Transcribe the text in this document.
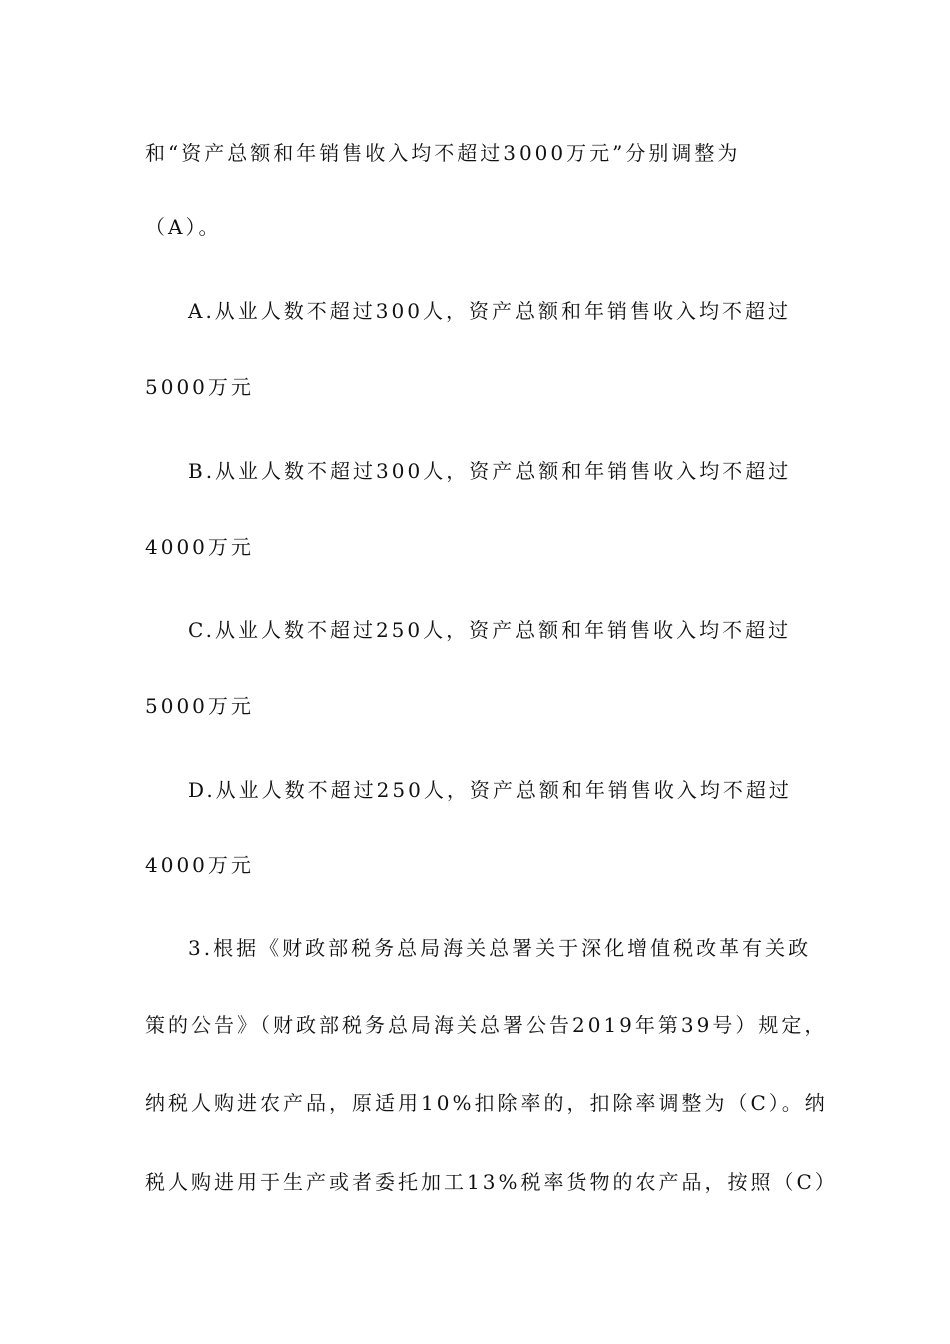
和“资产总额和年销售收入均不超过3000万元”分别调整为
（A）。
A.从业人数不超过300人，资产总额和年销售收入均不超过
5000万元
B.从业人数不超过300人，资产总额和年销售收入均不超过
4000万元
C.从业人数不超过250人，资产总额和年销售收入均不超过
5000万元
D.从业人数不超过250人，资产总额和年销售收入均不超过
4000万元
3.根据《财政部税务总局海关总署关于深化增值税改革有关政
策的公告》（财政部税务总局海关总署公告2019年第39号）规定，
纳税人购进农产品，原适用10%扣除率的，扣除率调整为（C）。纳
税人购进用于生产或者委托加工13%税率货物的农产品，按照（C）
